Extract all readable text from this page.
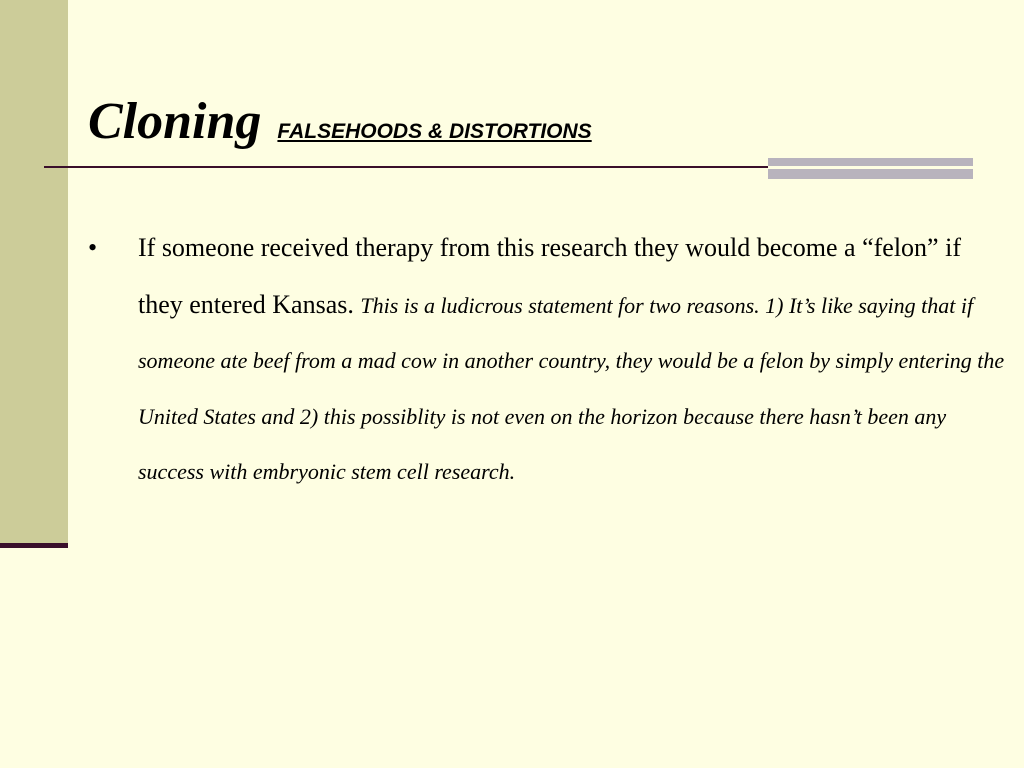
Cloning FALSEHOODS & DISTORTIONS
• If someone received therapy from this research they would become a “felon” if they entered Kansas. This is a ludicrous statement for two reasons. 1) It’s like saying that if someone ate beef from a mad cow in another country, they would be a felon by simply entering the United States and 2) this possiblity is not even on the horizon because there hasn’t been any success with embryonic stem cell research.
